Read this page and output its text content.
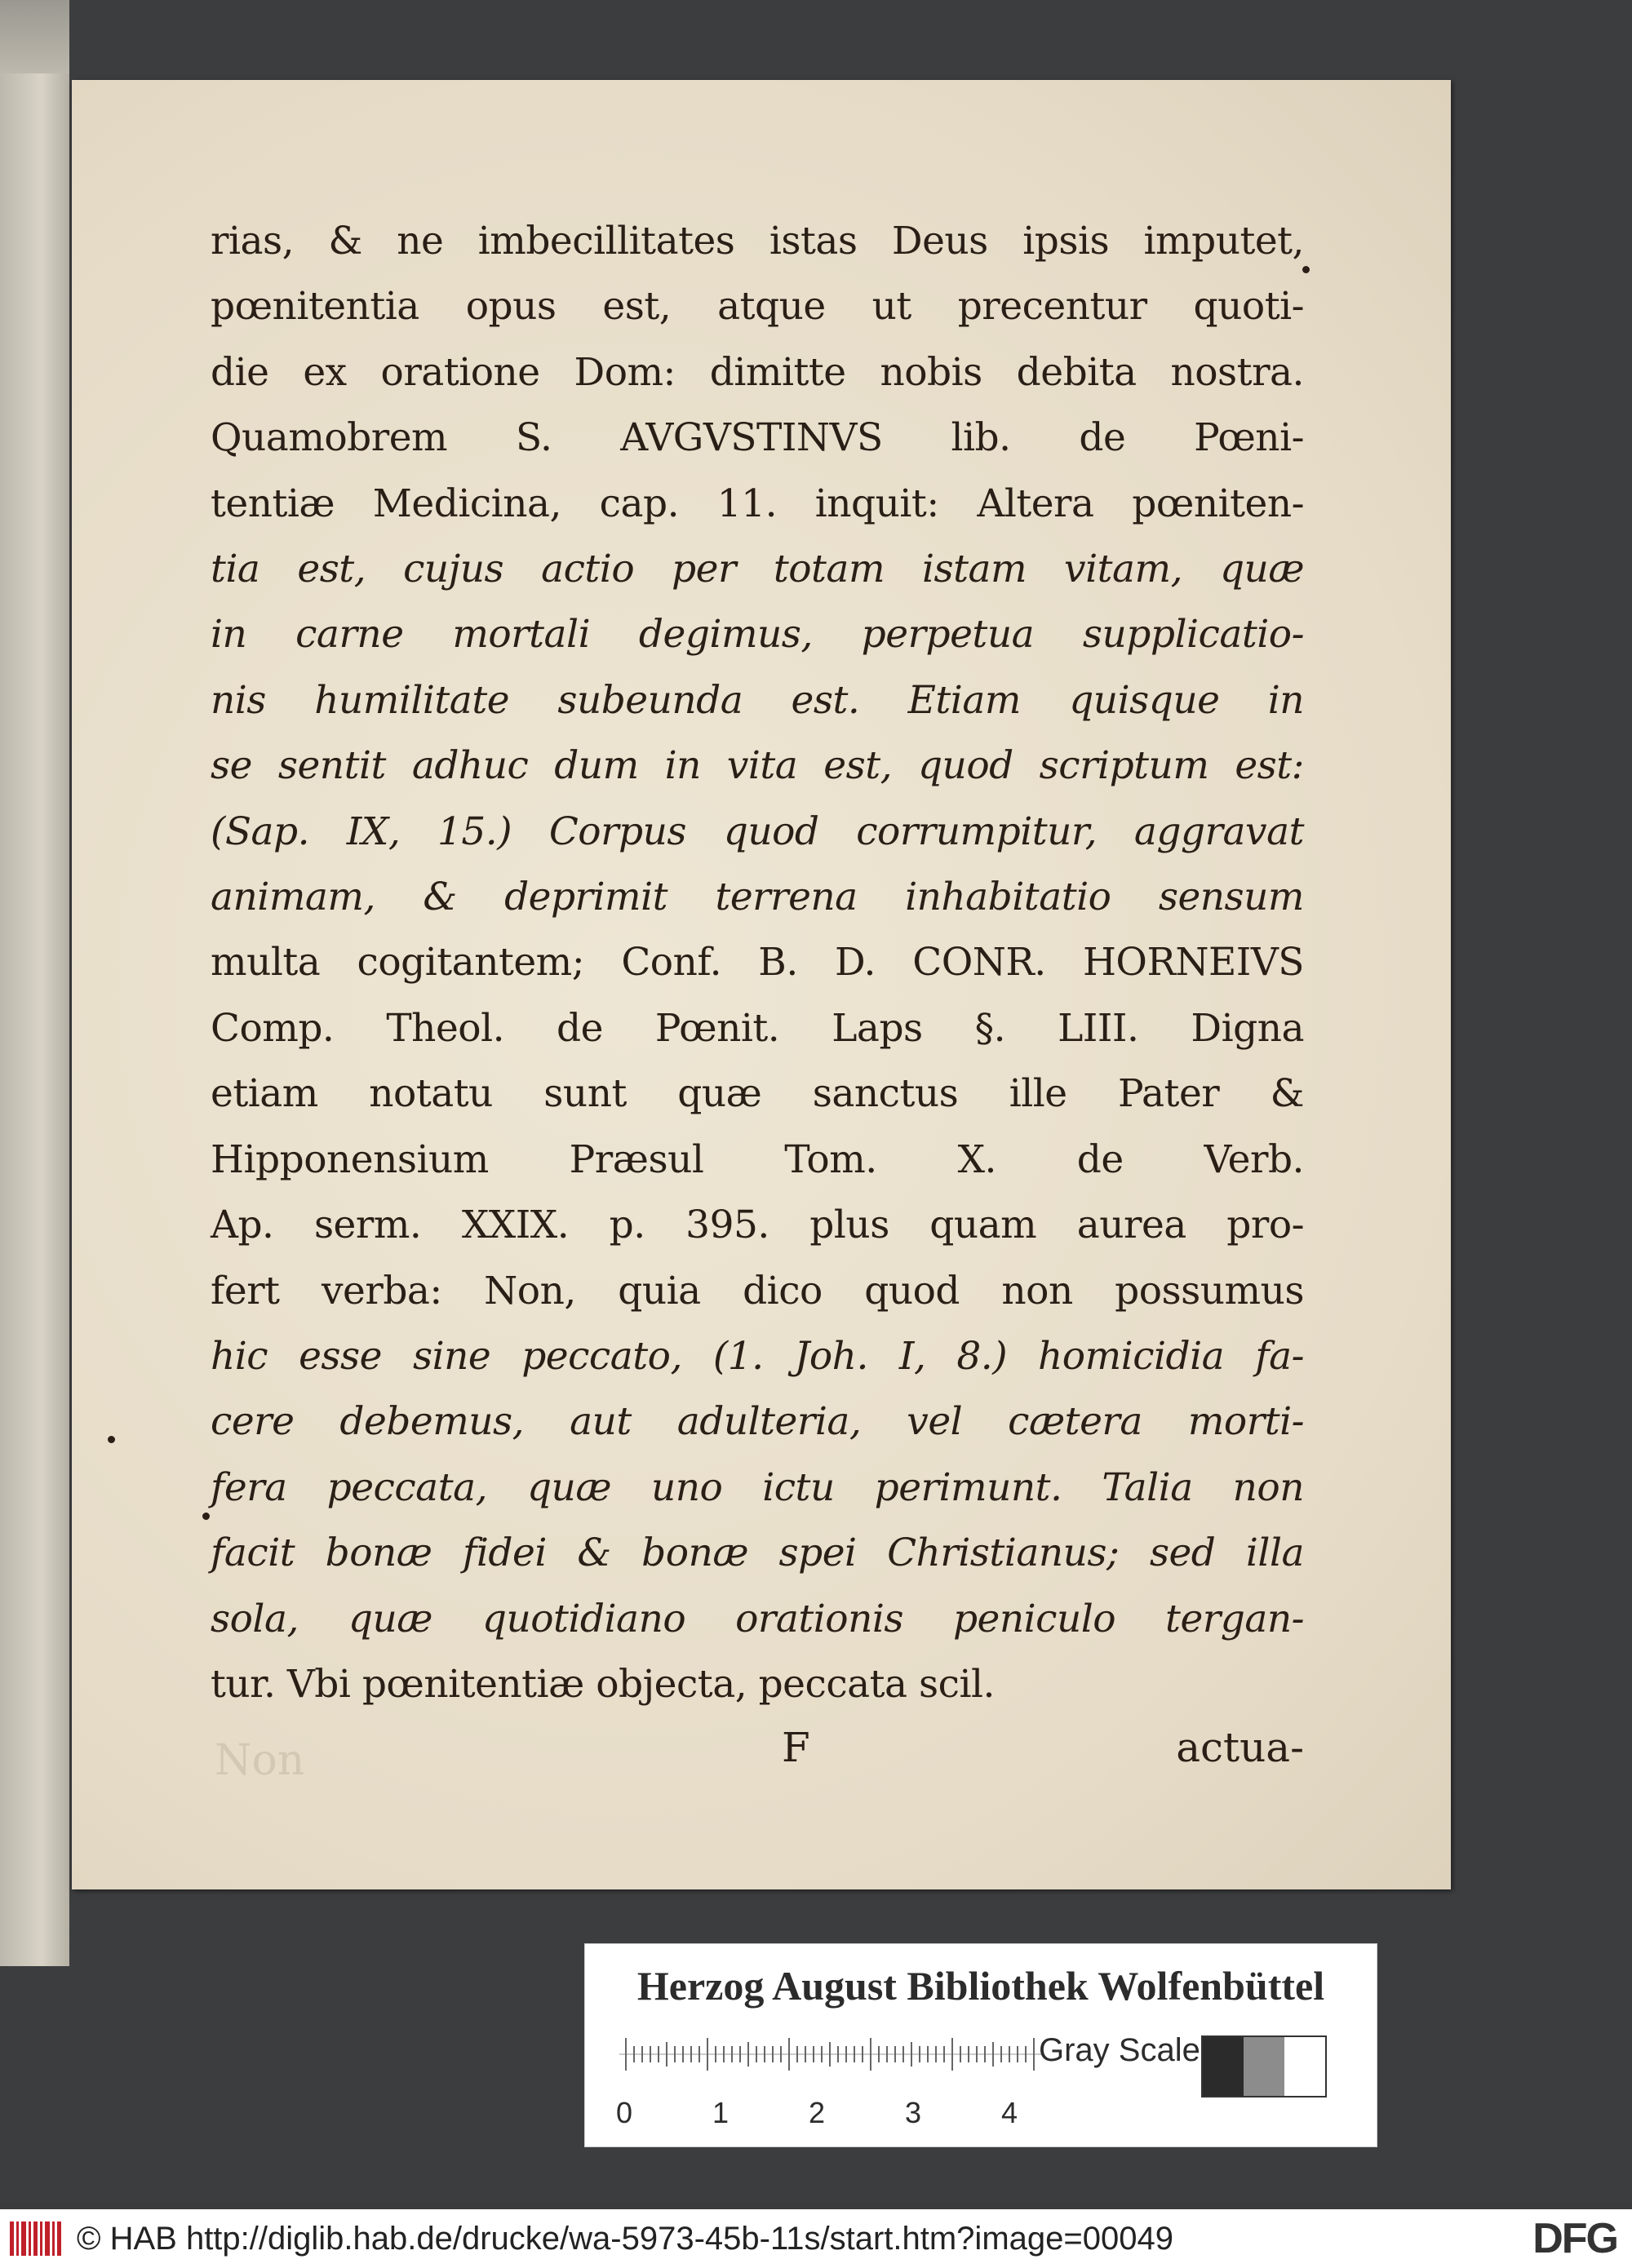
rias, & ne imbecillitates istas Deus ipsis imputet,
pœnitentia opus est, atque ut precentur quoti-
die ex oratione Dom: dimitte nobis debita nostra.
Quamobrem S. AVGVSTINVS lib. de Pœni-
tentiæ Medicina, cap. 11. inquit: Altera pœniten-
tia est, cujus actio per totam istam vitam, quæ
in carne mortali degimus, perpetua supplicatio-
nis humilitate subeunda est. Etiam quisque in
se sentit adhuc dum in vita est, quod scriptum est:
(Sap. IX, 15.) Corpus quod corrumpitur, aggravat
animam, & deprimit terrena inhabitatio sensum
multa cogitantem; Conf. B. D. CONR. HORNEIVS
Comp. Theol. de Pœnit. Laps §. LIII. Digna
etiam notatu sunt quæ sanctus ille Pater &
Hipponensium Præsul Tom. X. de Verb.
Ap. serm. XXIX. p. 395. plus quam aurea pro-
fert verba: Non, quia dico quod non possumus
hic esse sine peccato, (1. Joh. I, 8.) homicidia fa-
cere debemus, aut adulteria, vel cætera morti-
fera peccata, quæ uno ictu perimunt. Talia non
facit bonæ fidei & bonæ spei Christianus; sed illa
sola, quæ quotidiano orationis peniculo tergan-
tur. Vbi pœnitentiæ objecta, peccata scil.
Non	F	actua-
Herzog August Bibliothek Wolfenbüttel
0	1	2	3	4
Gray Scale
© HAB http://diglib.hab.de/drucke/wa-5973-45b-11s/start.htm?image=00049	DFG
